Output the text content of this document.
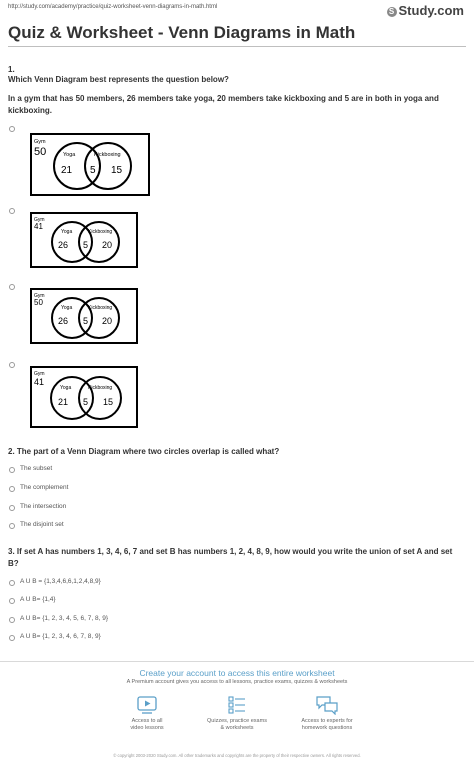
http://study.com/academy/practice/quiz-worksheet-venn-diagrams-in-math.html	S Study.com
Quiz & Worksheet - Venn Diagrams in Math
1.
Which Venn Diagram best represents the question below?
In a gym that has 50 members, 26 members take yoga, 20 members take kickboxing and 5 are in both in yoga and kickboxing.
Gym
50	Yoga	Kickboxing
21 5 15
Gym
41
Yoga	Kickboxing
26 5 20
Gym
50
Yoga	Kickboxing
26 5 20
Gym
41
Yoga	Kickboxing
21 5 15
2. The part of a Venn Diagram where two circles overlap is called what?
The subset
The complement
The intersection
The disjoint set
3. If set A has numbers 1, 3, 4, 6, 7 and set B has numbers 1, 2, 4, 8, 9, how would you write the union of set A and set B?
A U B = {1,3,4,6,6,1,2,4,8,9}
A U B= {1,4}
A U B= {1, 2, 3, 4, 5, 6, 7, 8, 9}
A U B= {1, 2, 3, 4, 6, 7, 8, 9}
Create your account to access this entire worksheet
A Premium account gives you access to all lessons, practice exams, quizzes & worksheets
Access to all
video lessons
Quizzes, practice exams
& worksheets
Access to experts for
homework questions
© copyright 2003-2020 Study.com. All other trademarks and copyrights are the property of their respective owners. All rights reserved.
